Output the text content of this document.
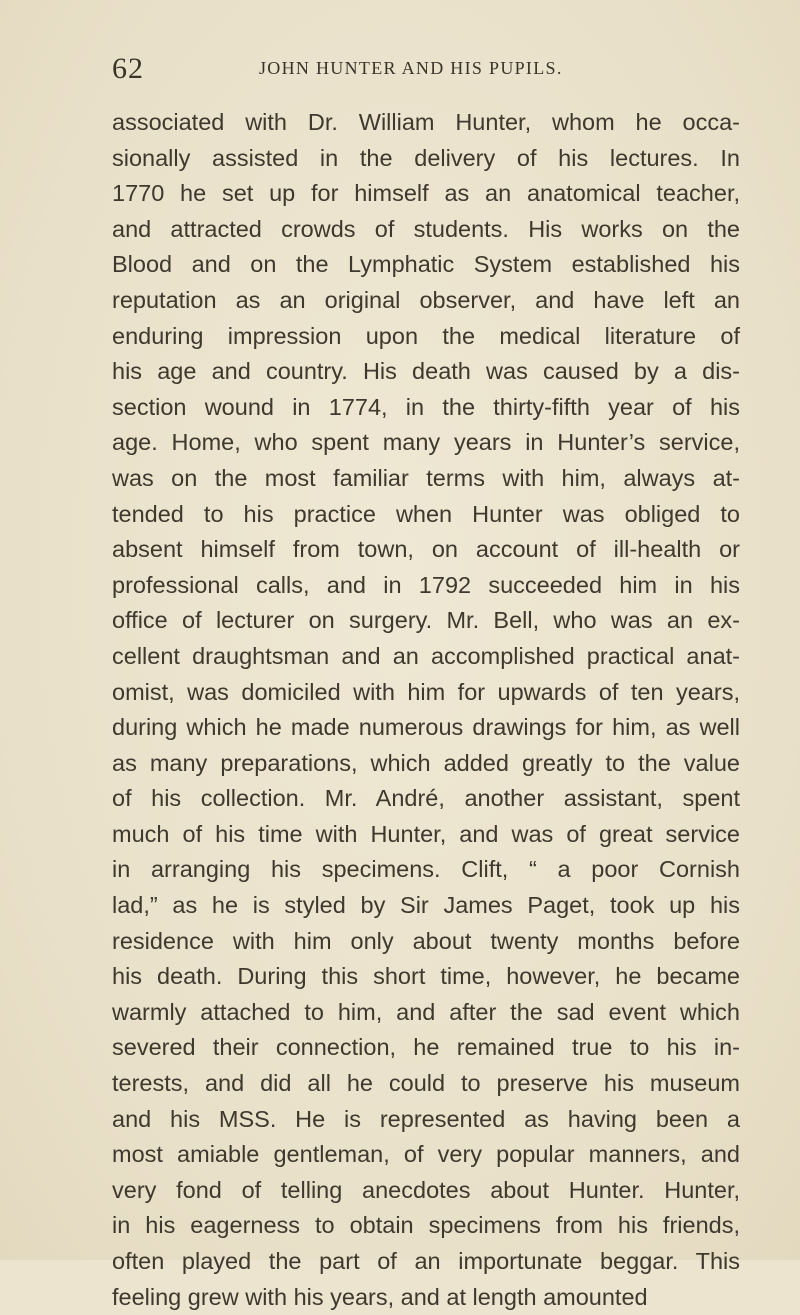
62	JOHN HUNTER AND HIS PUPILS.
associated with Dr. William Hunter, whom he occa-
sionally assisted in the delivery of his lectures. In
1770 he set up for himself as an anatomical teacher,
and attracted crowds of students. His works on the
Blood and on the Lymphatic System established his
reputation as an original observer, and have left an
enduring impression upon the medical literature of
his age and country. His death was caused by a dis-
section wound in 1774, in the thirty-fifth year of his
age. Home, who spent many years in Hunter’s service,
was on the most familiar terms with him, always at-
tended to his practice when Hunter was obliged to
absent himself from town, on account of ill-health or
professional calls, and in 1792 succeeded him in his
office of lecturer on surgery. Mr. Bell, who was an ex-
cellent draughtsman and an accomplished practical anat-
omist, was domiciled with him for upwards of ten years,
during which he made numerous drawings for him, as well
as many preparations, which added greatly to the value
of his collection. Mr. André, another assistant, spent
much of his time with Hunter, and was of great service
in arranging his specimens. Clift, “ a poor Cornish
lad,” as he is styled by Sir James Paget, took up his
residence with him only about twenty months before
his death. During this short time, however, he became
warmly attached to him, and after the sad event which
severed their connection, he remained true to his in-
terests, and did all he could to preserve his museum
and his MSS. He is represented as having been a
most amiable gentleman, of very popular manners, and
very fond of telling anecdotes about Hunter. Hunter,
in his eagerness to obtain specimens from his friends,
often played the part of an importunate beggar. This
feeling grew with his years, and at length amounted
